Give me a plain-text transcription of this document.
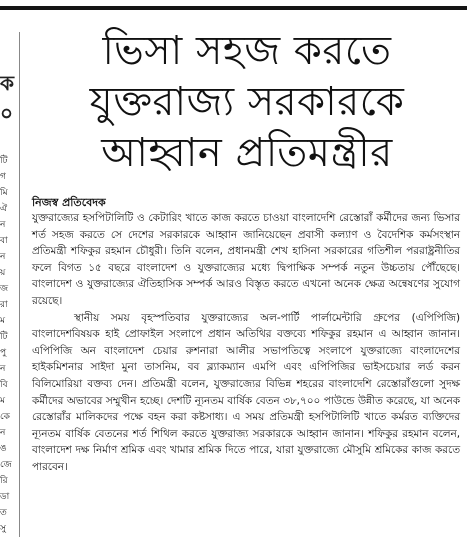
ক
০
টি
গ
মি
ঐ
ন
বা
ন
য়
জ
রা
ম
টি
পু
ন
বি
ম
কে
ন
ঙ
জে
রি
ডা
ত
সু
ভিসা সহজ করতে
যুক্তরাজ্য সরকারকে
আহ্বান প্রতিমন্ত্রীর
নিজস্ব প্রতিবেদক

যুক্তরাজ্যের হসপিটালিটি ও কেটারিং খাতে কাজ করতে চাওয়া বাংলাদেশি রেস্তোরাঁ কর্মীদের জন্য ভিসার শর্ত সহজ করতে সে দেশের সরকারকে আহ্বান জানিয়েছেন প্রবাসী কল্যাণ ও বৈদেশিক কর্মসংস্থান প্রতিমন্ত্রী শফিকুর রহমান চৌধুরী। তিনি বলেন, প্রধানমন্ত্রী শেখ হাসিনা সরকারের গতিশীল পররাষ্ট্রনীতির ফলে বিগত ১৫ বছরে বাংলাদেশ ও যুক্তরাজ্যের মধ্যে দ্বিপাক্ষিক সম্পর্ক নতুন উচ্চতায় পৌঁছেছে। বাংলাদেশ ও যুক্তরাজ্যের ঐতিহাসিক সম্পর্ক আরও বিস্তৃত করতে এখনো অনেক ক্ষেত্র অন্বেষণের সুযোগ রয়েছে।

স্থানীয় সময় বৃহস্পতিবার যুক্তরাজ্যের অল-পার্টি পার্লামেন্টারি গ্রুপের (এপিপিজি) বাংলাদেশবিষয়ক হাই প্রোফাইল সংলাপে প্রধান অতিথির বক্তব্যে শফিকুর রহমান এ আহ্বান জানান। এপিপিজি অন বাংলাদেশ চেয়ার রুশনারা আলীর সভাপতিত্বে সংলাপে যুক্তরাজ্যে বাংলাদেশের হাইকমিশনার সাইদা মুনা তাসনিম, বব ব্ল্যাকম্যান এমপি এবং এপিপিজির ভাইসচেয়ার লর্ড করন বিলিমোরিয়া বক্তব্য দেন। প্রতিমন্ত্রী বলেন, যুক্তরাজ্যের বিভিন্ন শহরের বাংলাদেশি রেস্তোরাঁগুলো সুদক্ষ কর্মীদের অভাবের সম্মুখীন হচ্ছে। দেশটি ন্যূনতম বার্ষিক বেতন ৩৮,৭০০ পাউন্ডে উন্নীত করেছে, যা অনেক রেস্তোরাঁর মালিকদের পক্ষে বহন করা কষ্টসাধ্য। এ সময় প্রতিমন্ত্রী হসপিটালিটি খাতে কর্মরত ব্যক্তিদের ন্যূনতম বার্ষিক বেতনের শর্ত শিথিল করতে যুক্তরাজ্য সরকারকে আহ্বান জানান। শফিকুর রহমান বলেন, বাংলাদেশ দক্ষ নির্মাণ শ্রমিক এবং খামার শ্রমিক দিতে পারে, যারা যুক্তরাজ্যে মৌসুমি শ্রমিকের কাজ করতে পারবেন।
